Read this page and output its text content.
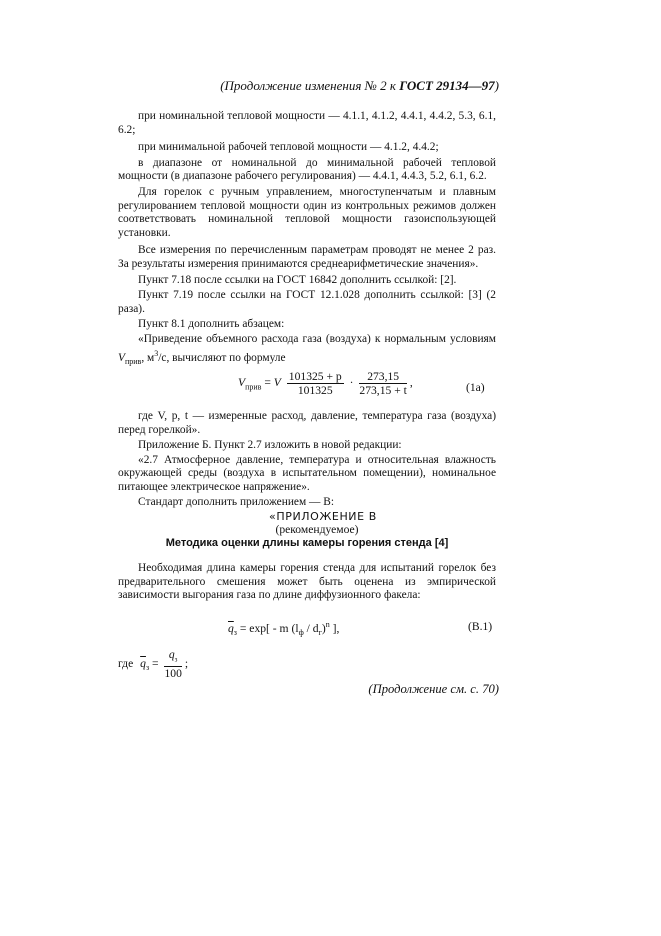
(Продолжение изменения № 2 к ГОСТ 29134—97)

при номинальной тепловой мощности — 4.1.1, 4.1.2, 4.4.1, 4.4.2, 5.3, 6.1, 6.2;

при минимальной рабочей тепловой мощности — 4.1.2, 4.4.2;

в диапазоне от номинальной до минимальной рабочей тепловой мощности (в диапазоне рабочего регулирования) — 4.4.1, 4.4.3, 5.2, 6.1, 6.2.

Для горелок с ручным управлением, многоступенчатым и плавным регулированием тепловой мощности один из контрольных режимов должен соответствовать номинальной тепловой мощности газоиспользующей установки.

Все измерения по перечисленным параметрам проводят не менее 2 раз. За результаты измерения принимаются среднеарифметические значения».

Пункт 7.18 после ссылки на ГОСТ 16842 дополнить ссылкой: [2].

Пункт 7.19 после ссылки на ГОСТ 12.1.028 дополнить ссылкой: [3] (2 раза).

Пункт 8.1 дополнить абзацем:

«Приведение объемного расхода газа (воздуха) к нормальным условиям $V_{прив}$, $м^3/с$, вычисляют по формуле

$V_{прив} = V \frac{101325 + p}{101325} \cdot \frac{273,15}{273,15 + t}$ ,	(1а)

где V, p, t — измеренные расход, давление, температура газа (воздуха) перед горелкой».

Приложение Б. Пункт 2.7 изложить в новой редакции:

«2.7 Атмосферное давление, температура и относительная влажность окружающей среды (воздуха в испытательном помещении), номинальное питающее электрическое напряжение».

Стандарт дополнить приложением — В:

«ПРИЛОЖЕНИЕ В
(рекомендуемое)
Методика оценки длины камеры горения стенда [4]

Необходимая длина камеры горения стенда для испытаний горелок без предварительного смешения может быть оценена из эмпирической зависимости выгорания газа по длине диффузионного факела:

$\overline{q}_з = \exp[ - m$ $(l_ф / d_г)^n$ ],	(В.1)
где $\overline{q}_з = \frac{q_з}{100}$ ;
(Продолжение см. с. 70)
